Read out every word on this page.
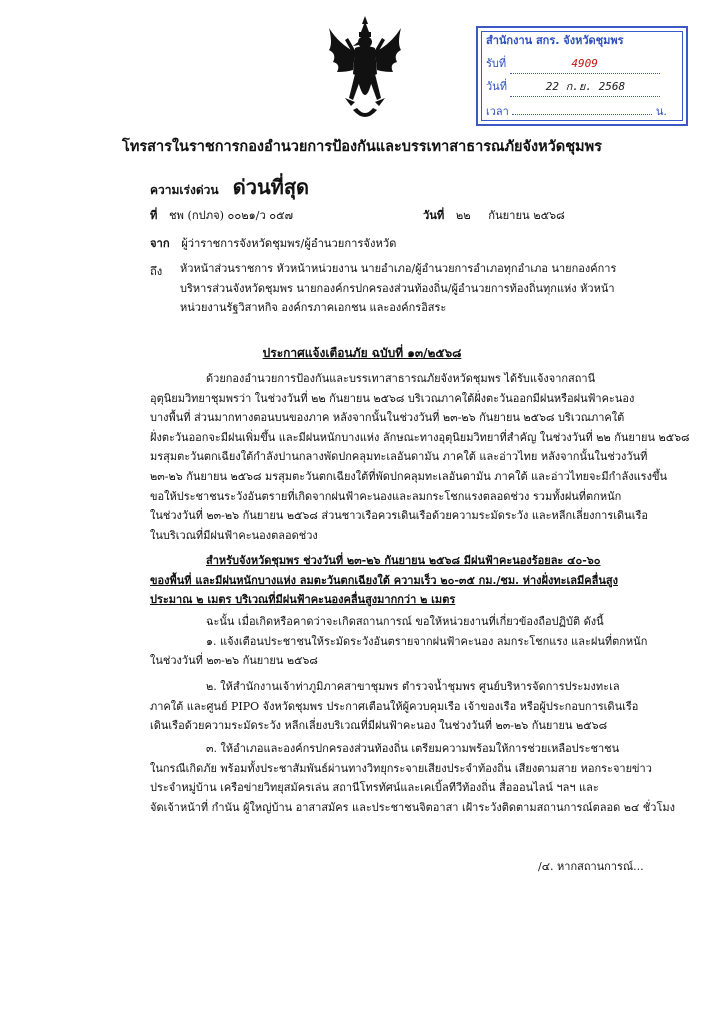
สำนักงาน สกร. จังหวัดชุมพร
รับที่	4909
วันที่	22 ก.ย. 2568
เวลา	น.
โทรสารในราชการกองอำนวยการป้องกันและบรรเทาสาธารณภัยจังหวัดชุมพร
ความเร่งด่วน ด่วนที่สุด
ที่ ชพ (กปภจ) ๐๐๒๑/ว ๐๕๗	วันที่ ๒๒ กันยายน ๒๕๖๘
จาก ผู้ว่าราชการจังหวัดชุมพร/ผู้อำนวยการจังหวัด
ถึง หัวหน้าส่วนราชการ หัวหน้าหน่วยงาน นายอำเภอ/ผู้อำนวยการอำเภอทุกอำเภอ นายกองค์การ

บริหารส่วนจังหวัดชุมพร นายกองค์กรปกครองส่วนท้องถิ่น/ผู้อำนวยการท้องถิ่นทุกแห่ง หัวหน้า

หน่วยงานรัฐวิสาหกิจ องค์กรภาคเอกชน และองค์กรอิสระ

ประกาศแจ้งเตือนภัย ฉบับที่ ๑๓/๒๕๖๘

ด้วยกองอำนวยการป้องกันและบรรเทาสาธารณภัยจังหวัดชุมพร ได้รับแจ้งจากสถานี

อุตุนิยมวิทยาชุมพรว่า ในช่วงวันที่ ๒๒ กันยายน ๒๕๖๘ บริเวณภาคใต้ฝั่งตะวันออกมีฝนหรือฝนฟ้าคะนอง

บางพื้นที่ ส่วนมากทางตอนบนของภาค หลังจากนั้นในช่วงวันที่ ๒๓-๒๖ กันยายน ๒๕๖๘ บริเวณภาคใต้

ฝั่งตะวันออกจะมีฝนเพิ่มขึ้น และมีฝนหนักบางแห่ง ลักษณะทางอุตุนิยมวิทยาที่สำคัญ ในช่วงวันที่ ๒๒ กันยายน ๒๕๖๘

มรสุมตะวันตกเฉียงใต้กำลังปานกลางพัดปกคลุมทะเลอันดามัน ภาคใต้ และอ่าวไทย หลังจากนั้นในช่วงวันที่

๒๓-๒๖ กันยายน ๒๕๖๘ มรสุมตะวันตกเฉียงใต้ที่พัดปกคลุมทะเลอันดามัน ภาคใต้ และอ่าวไทยจะมีกำลังแรงขึ้น

ขอให้ประชาชนระวังอันตรายที่เกิดจากฝนฟ้าคะนองและลมกระโชกแรงตลอดช่วง รวมทั้งฝนที่ตกหนัก

ในช่วงวันที่ ๒๓-๒๖ กันยายน ๒๕๖๘ ส่วนชาวเรือควรเดินเรือด้วยความระมัดระวัง และหลีกเลี่ยงการเดินเรือ

ในบริเวณที่มีฝนฟ้าคะนองตลอดช่วง

สำหรับจังหวัดชุมพร ช่วงวันที่ ๒๓-๒๖ กันยายน ๒๕๖๘ มีฝนฟ้าคะนองร้อยละ ๔๐-๖๐

ของพื้นที่ และมีฝนหนักบางแห่ง ลมตะวันตกเฉียงใต้ ความเร็ว ๒๐-๓๕ กม./ชม. ห่างฝั่งทะเลมีคลื่นสูง

ประมาณ ๒ เมตร บริเวณที่มีฝนฟ้าคะนองคลื่นสูงมากกว่า ๒ เมตร

ฉะนั้น เมื่อเกิดหรือคาดว่าจะเกิดสถานการณ์ ขอให้หน่วยงานที่เกี่ยวข้องถือปฏิบัติ ดังนี้

๑. แจ้งเตือนประชาชนให้ระมัดระวังอันตรายจากฝนฟ้าคะนอง ลมกระโชกแรง และฝนที่ตกหนัก

ในช่วงวันที่ ๒๓-๒๖ กันยายน ๒๕๖๘

๒. ให้สำนักงานเจ้าท่าภูมิภาคสาขาชุมพร ตำรวจน้ำชุมพร ศูนย์บริหารจัดการประมงทะเล

ภาคใต้ และศูนย์ PIPO จังหวัดชุมพร ประกาศเตือนให้ผู้ควบคุมเรือ เจ้าของเรือ หรือผู้ประกอบการเดินเรือ

เดินเรือด้วยความระมัดระวัง หลีกเลี่ยงบริเวณที่มีฝนฟ้าคะนอง ในช่วงวันที่ ๒๓-๒๖ กันยายน ๒๕๖๘

๓. ให้อำเภอและองค์กรปกครองส่วนท้องถิ่น เตรียมความพร้อมให้การช่วยเหลือประชาชน

ในกรณีเกิดภัย พร้อมทั้งประชาสัมพันธ์ผ่านทางวิทยุกระจายเสียงประจำท้องถิ่น เสียงตามสาย หอกระจายข่าว

ประจำหมู่บ้าน เครือข่ายวิทยุสมัครเล่น สถานีโทรทัศน์และเคเบิ้ลทีวีท้องถิ่น สื่อออนไลน์ ฯลฯ และ

จัดเจ้าหน้าที่ กำนัน ผู้ใหญ่บ้าน อาสาสมัคร และประชาชนจิตอาสา เฝ้าระวังติดตามสถานการณ์ตลอด ๒๔ ชั่วโมง

/๔. หากสถานการณ์...
